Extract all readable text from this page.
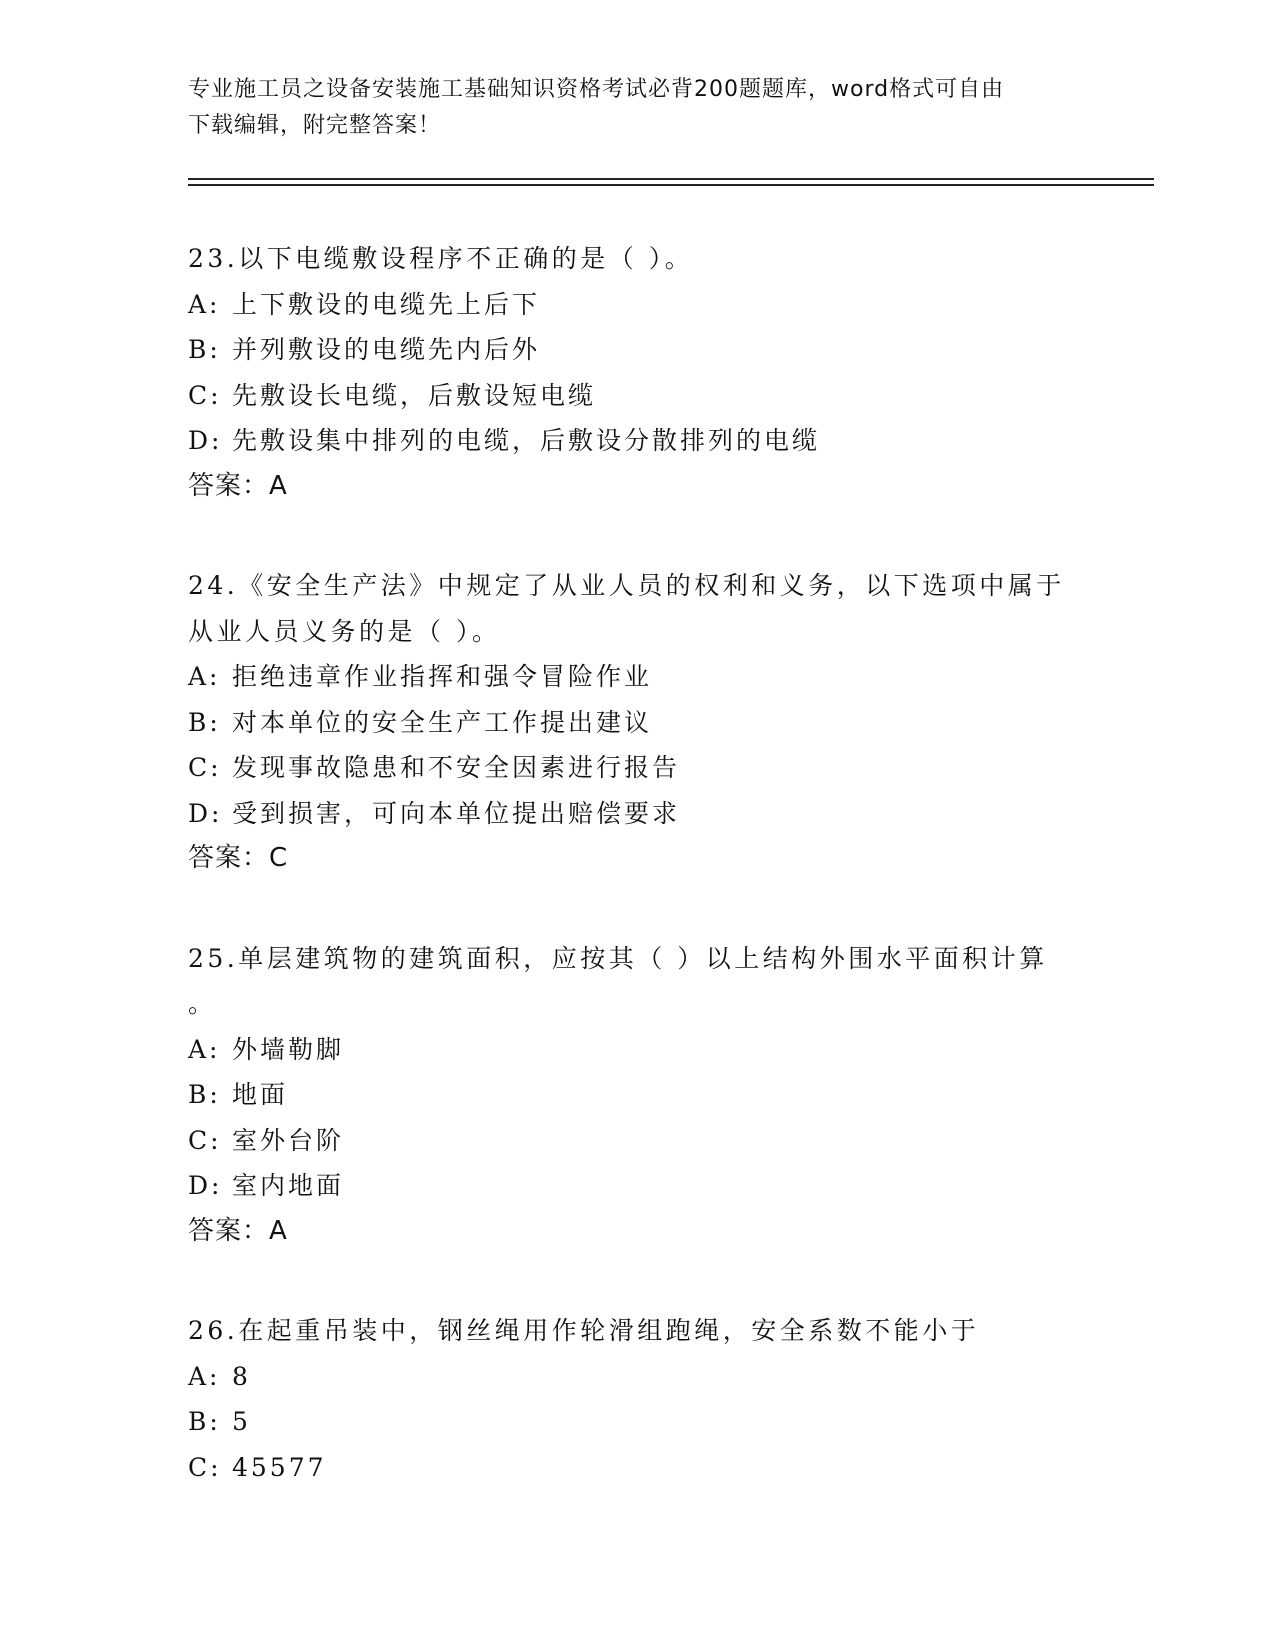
专业施工员之设备安装施工基础知识资格考试必背200题题库，word格式可自由
下载编辑，附完整答案！

23.以下电缆敷设程序不正确的是（ ）。

A: 上下敷设的电缆先上后下

B: 并列敷设的电缆先内后外

C: 先敷设长电缆，后敷设短电缆

D: 先敷设集中排列的电缆，后敷设分散排列的电缆

答案：A

24.《安全生产法》中规定了从业人员的权利和义务，以下选项中属于

从业人员义务的是（ ）。

A: 拒绝违章作业指挥和强令冒险作业

B: 对本单位的安全生产工作提出建议

C: 发现事故隐患和不安全因素进行报告

D: 受到损害，可向本单位提出赔偿要求

答案：C

25.单层建筑物的建筑面积，应按其（ ）以上结构外围水平面积计算

。

A: 外墙勒脚

B: 地面

C: 室外台阶

D: 室内地面

答案：A

26.在起重吊装中，钢丝绳用作轮滑组跑绳，安全系数不能小于

A: 8

B: 5

C: 45577
